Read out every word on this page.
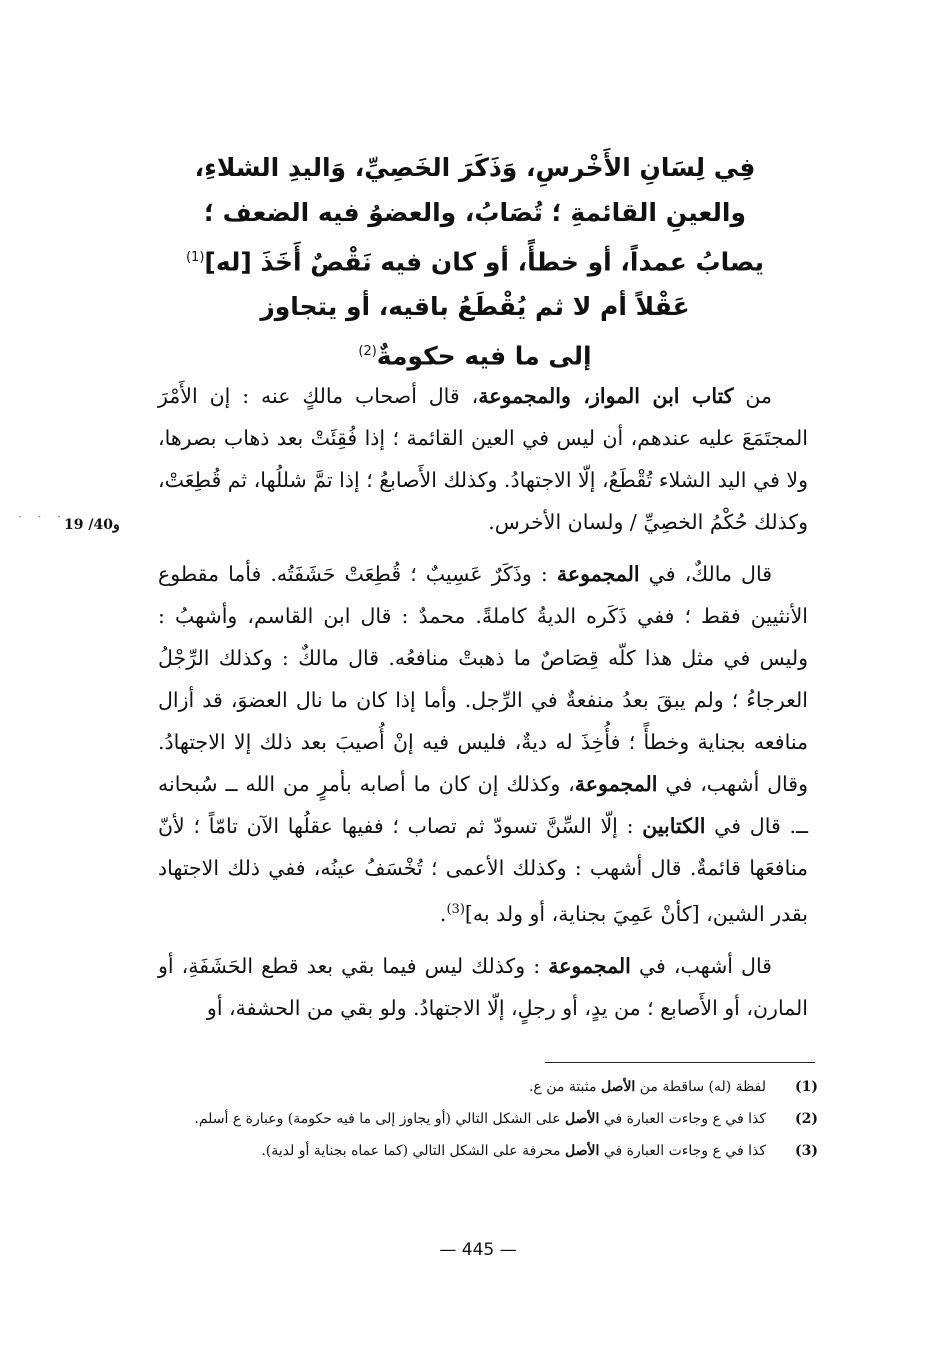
· · ·
19 /40و
فِي لِسَانِ الأَخْرسِ، وَذَكَرَ الخَصِيِّ، وَاليدِ الشلاءِ،
والعينِ القائمةِ ؛ تُصَابُ، والعضوُ فيه الضعف ؛
يصابُ عمداً، أو خطأً، أو كان فيه نَقْصٌ أَخَذَ [له]$^{(1)}$
عَقْلاً أم لا ثم يُقْطَعُ باقيه، أو يتجاوز
إلى ما فيه حكومةٌ$^{(2)}$

من كتاب ابن المواز، والمجموعة، قال أصحاب مالكٍ عنه : إن الأَمْرَ المجتَمَعَ عليه عندهم، أن ليس في العين القائمة ؛ إذا فُقِئَتْ بعد ذهاب بصرها، ولا في اليد الشلاء تُقْطَعُ، إلّا الاجتهادُ. وكذلك الأَصابعُ ؛ إذا تمَّ شللُها، ثم قُطِعَتْ، وكذلك حُكْمُ الخصِيِّ / ولسان الأخرس.

قال مالكٌ، في المجموعة : وذَكَرٌ عَسِيبٌ ؛ قُطِعَتْ حَشَفَتُه. فأما مقطوع الأنثيين فقط ؛ ففي ذَكَره الديةُ كاملةً. محمدٌ : قال ابن القاسم، وأشهبُ : وليس في مثل هذا كلّه قِصَاصٌ ما ذهبتْ منافعُه. قال مالكٌ : وكذلك الرِّجْلُ العرجاءُ ؛ ولم يبقَ بعدُ منفعةٌ في الرِّجل. وأما إذا كان ما نال العضوَ، قد أزال منافعه بجناية وخطأً ؛ فأُخِذَ له ديةٌ، فليس فيه إنْ أُصيبَ بعد ذلك إلا الاجتهادُ. وقال أشهب، في المجموعة، وكذلك إن كان ما أصابه بأمرٍ من الله ــ سُبحانه ــ. قال في الكتابين : إلّا السِّنَّ تسودّ ثم تصاب ؛ ففيها عقلُها الآن تامّاً ؛ لأنّ منافعَها قائمةٌ. قال أشهب : وكذلك الأعمى ؛ تُخْسَفُ عينُه، ففي ذلك الاجتهاد بقدر الشين، [كأنْ عَمِيَ بجناية، أو ولد به]$^{(3)}$.

قال أشهب، في المجموعة : وكذلك ليس فيما بقي بعد قطع الحَشَفَةِ، أو المارن، أو الأَصابع ؛ من يدٍ، أو رجلٍ، إلّا الاجتهادُ. ولو بقي من الحشفة، أو

(1)
لفظة (له) ساقطة من الأصل مثبتة من ع.
(2)
كذا في ع وجاءت العبارة في الأصل على الشكل التالي (أو يجاوز إلى ما فيه حكومة) وعبارة ع أسلم.
(3)
كذا في ع وجاءت العبارة في الأصل محرفة على الشكل التالي (كما عماه بجناية أو لدية).
— 445 —
